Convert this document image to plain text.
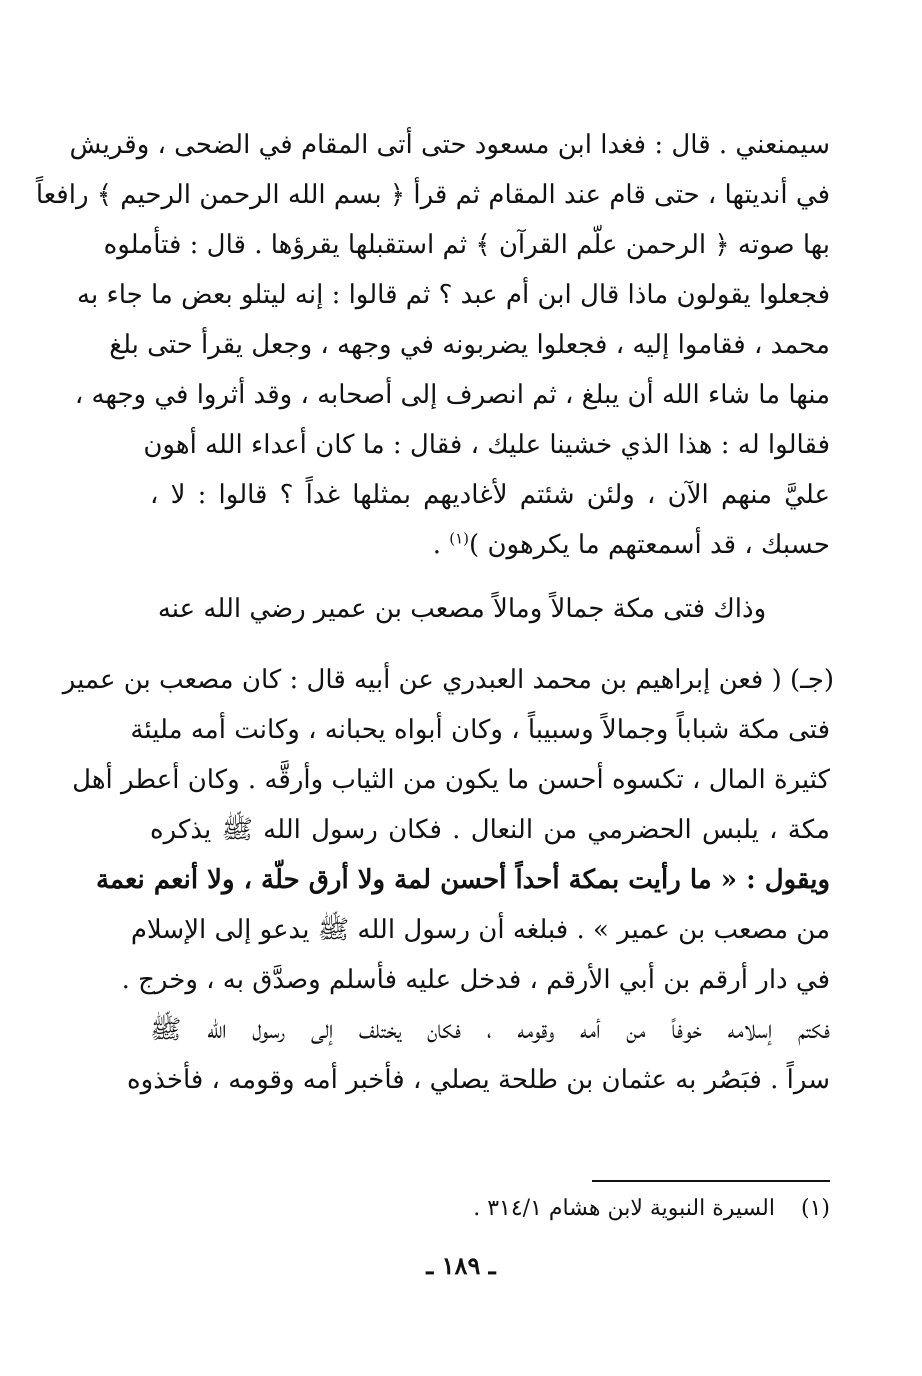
سيمنعني . قال : فغدا ابن مسعود حتى أتى المقام في الضحى ، وقريش
في أنديتها ، حتى قام عند المقام ثم قرأ ﴿ بسم الله الرحمن الرحيم ﴾ رافعاً
بها صوته ﴿ الرحمن علّم القرآن ﴾ ثم استقبلها يقرؤها . قال : فتأملوه
فجعلوا يقولون ماذا قال ابن أم عبد ؟ ثم قالوا : إنه ليتلو بعض ما جاء به
محمد ، فقاموا إليه ، فجعلوا يضربونه في وجهه ، وجعل يقرأ حتى بلغ
منها ما شاء الله أن يبلغ ، ثم انصرف إلى أصحابه ، وقد أثروا في وجهه ،
فقالوا له : هذا الذي خشينا عليك ، فقال : ما كان أعداء الله أهون
عليَّ منهم الآن ، ولئن شئتم لأغاديهم بمثلها غداً ؟ قالوا : لا ،
حسبك ، قد أسمعتهم ما يكرهون )$^{(١)}$ .
وذاك فتى مكة جمالاً ومالاً مصعب بن عمير رضي الله عنه
(جـ) ( فعن إبراهيم بن محمد العبدري عن أبيه قال : كان مصعب بن عمير
فتى مكة شباباً وجمالاً وسبيباً ، وكان أبواه يحبانه ، وكانت أمه مليئة
كثيرة المال ، تكسوه أحسن ما يكون من الثياب وأرقَّه . وكان أعطر أهل
مكة ، يلبس الحضرمي من النعال . فكان رسول الله ﷺ يذكره
ويقول : « ما رأيت بمكة أحداً أحسن لمة ولا أرق حلّة ، ولا أنعم نعمة
من مصعب بن عمير » . فبلغه أن رسول الله ﷺ يدعو إلى الإسلام
في دار أرقم بن أبي الأرقم ، فدخل عليه فأسلم وصدَّق به ، وخرج .
فكتم إسلامه خوفاً من أمه وقومه ، فكان يختلف إلى رسول الله ﷺ
سراً . فبَصُر به عثمان بن طلحة يصلي ، فأخبر أمه وقومه ، فأخذوه
(١)السيرة النبوية لابن هشام ٣١٤/١ .
ـ ١٨٩ ـ
